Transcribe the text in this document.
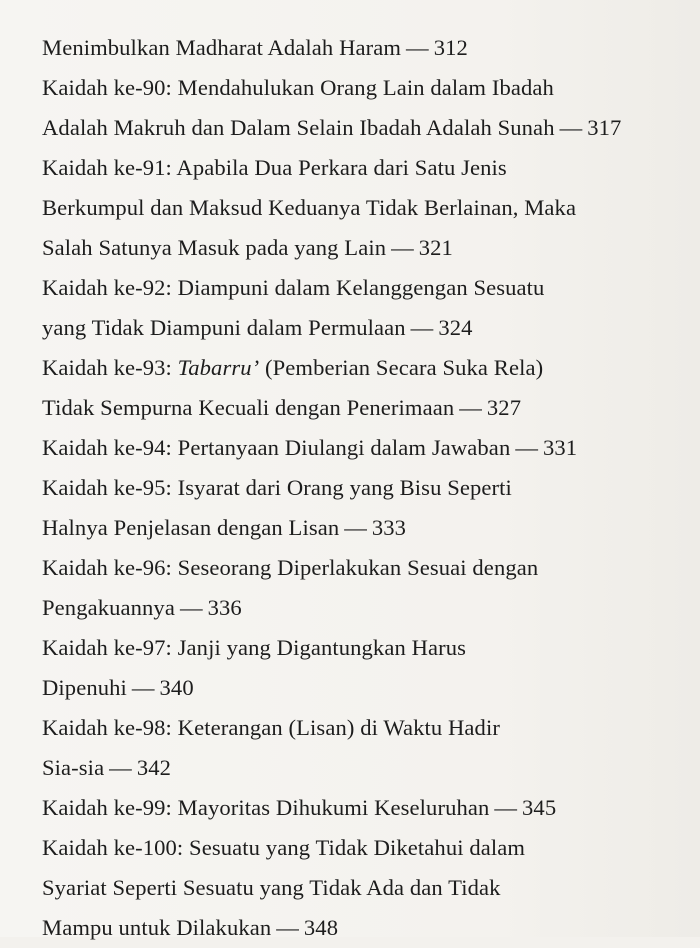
Menimbulkan Madharat Adalah Haram — 312
Kaidah ke-90: Mendahulukan Orang Lain dalam Ibadah
Adalah Makruh dan Dalam Selain Ibadah Adalah Sunah — 317
Kaidah ke-91: Apabila Dua Perkara dari Satu Jenis
Berkumpul dan Maksud Keduanya Tidak Berlainan, Maka
Salah Satunya Masuk pada yang Lain — 321
Kaidah ke-92: Diampuni dalam Kelanggengan Sesuatu
yang Tidak Diampuni dalam Permulaan — 324
Kaidah ke-93: Tabarru’ (Pemberian Secara Suka Rela)
Tidak Sempurna Kecuali dengan Penerimaan — 327
Kaidah ke-94: Pertanyaan Diulangi dalam Jawaban — 331
Kaidah ke-95: Isyarat dari Orang yang Bisu Seperti
Halnya Penjelasan dengan Lisan — 333
Kaidah ke-96: Seseorang Diperlakukan Sesuai dengan
Pengakuannya — 336
Kaidah ke-97: Janji yang Digantungkan Harus
Dipenuhi — 340
Kaidah ke-98: Keterangan (Lisan) di Waktu Hadir
Sia-sia — 342
Kaidah ke-99: Mayoritas Dihukumi Keseluruhan — 345
Kaidah ke-100: Sesuatu yang Tidak Diketahui dalam
Syariat Seperti Sesuatu yang Tidak Ada dan Tidak
Mampu untuk Dilakukan — 348
